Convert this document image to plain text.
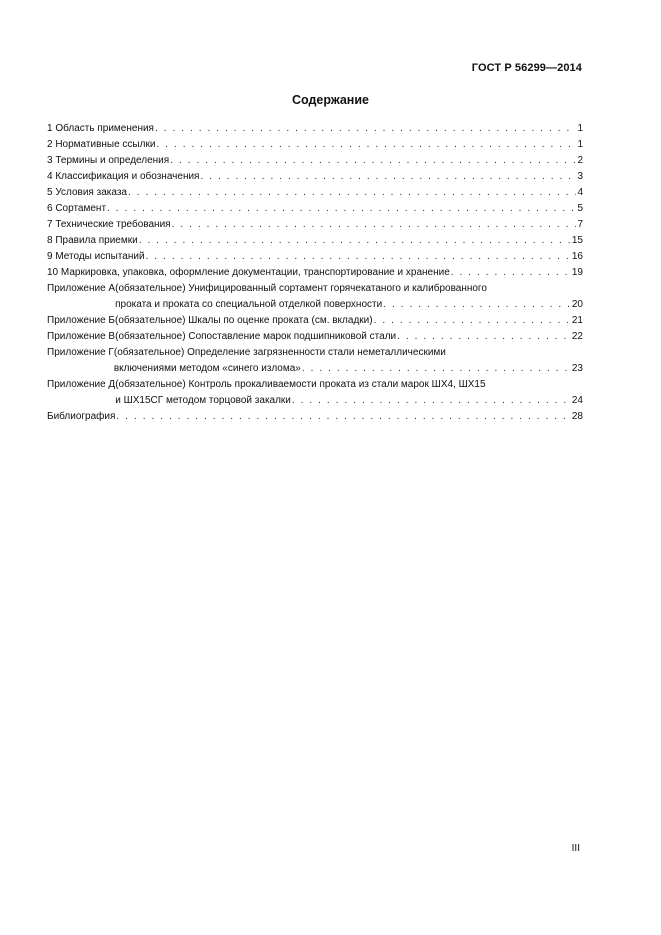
ГОСТ Р 56299—2014
Содержание
1 Область применения . . .	1
2 Нормативные ссылки . . .	1
3 Термины и определения . . .	2
4 Классификация и обозначения . . .	3
5 Условия заказа . . .	4
6 Сортамент . . .	5
7 Технические требования . . .	7
8 Правила приемки . . .	15
9 Методы испытаний . . .	16
10 Маркировка, упаковка, оформление документации, транспортирование и хранение . . .	19
Приложение А (обязательное) Унифицированный сортамент горячекатаного и калиброванного
проката и проката со специальной отделкой поверхности . . .	20
Приложение Б (обязательное) Шкалы по оценке проката (см. вкладки) . . .	21
Приложение В (обязательное) Сопоставление марок подшипниковой стали . . .	22
Приложение Г (обязательное) Определение загрязненности стали неметаллическими
включениями методом «синего излома» . . .	23
Приложение Д (обязательное) Контроль прокаливаемости проката из стали марок ШХ4, ШХ15
и ШХ15СГ методом торцовой закалки . . .	24
Библиография . . .	28
III
